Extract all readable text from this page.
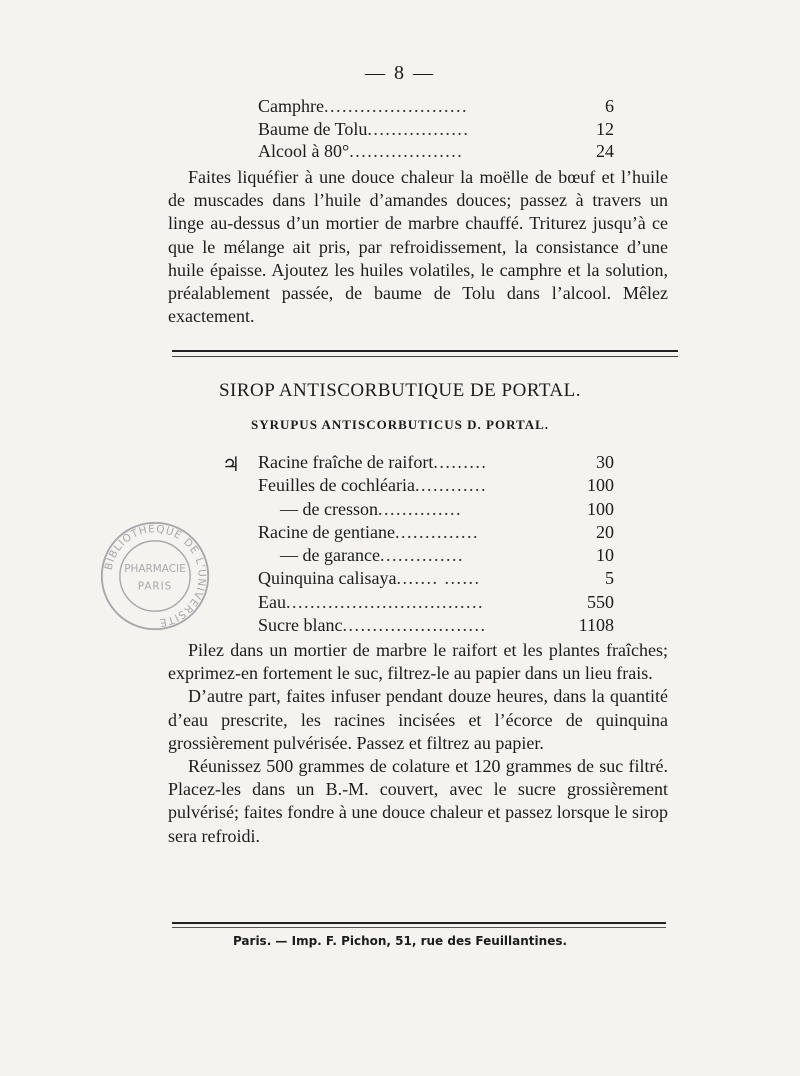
— 8 —
Camphre ........................	6
Baume de Tolu .................	12
Alcool à 80° ...................	24

Faites liquéfier à une douce chaleur la moëlle de bœuf et l’huile de muscades dans l’huile d’amandes douces; passez à travers un linge au-dessus d’un mortier de marbre chauffé. Triturez jusqu’à ce que le mélange ait pris, par refroidissement, la consistance d’une huile épaisse. Ajoutez les huiles volatiles, le camphre et la solution, préalablement passée, de baume de Tolu dans l’alcool. Mêlez exactement.

SIROP ANTISCORBUTIQUE DE PORTAL.
SYRUPUS ANTISCORBUTICUS D. PORTAL.
♃ Racine fraîche de raifort .........	30
Feuilles de cochléaria ............	100
— de cresson ..............	100
Racine de gentiane ..............	20
— de garance ..............	10
Quinquina calisaya ....... ......	5
Eau .................................	550
Sucre blanc ........................	1108
BIBLIOTHÈQUE DE L'UNIVERSITÉ
PHARMACIE
PARIS

Pilez dans un mortier de marbre le raifort et les plantes fraîches; exprimez-en fortement le suc, filtrez-le au papier dans un lieu frais.

D’autre part, faites infuser pendant douze heures, dans la quantité d’eau prescrite, les racines incisées et l’écorce de quinquina grossièrement pulvérisée. Passez et filtrez au papier.

Réunissez 500 grammes de colature et 120 grammes de suc filtré. Placez-les dans un B.-M. couvert, avec le sucre grossièrement pulvérisé; faites fondre à une douce chaleur et passez lorsque le sirop sera refroidi.

Paris. — Imp. F. Pichon, 51, rue des Feuillantines.
